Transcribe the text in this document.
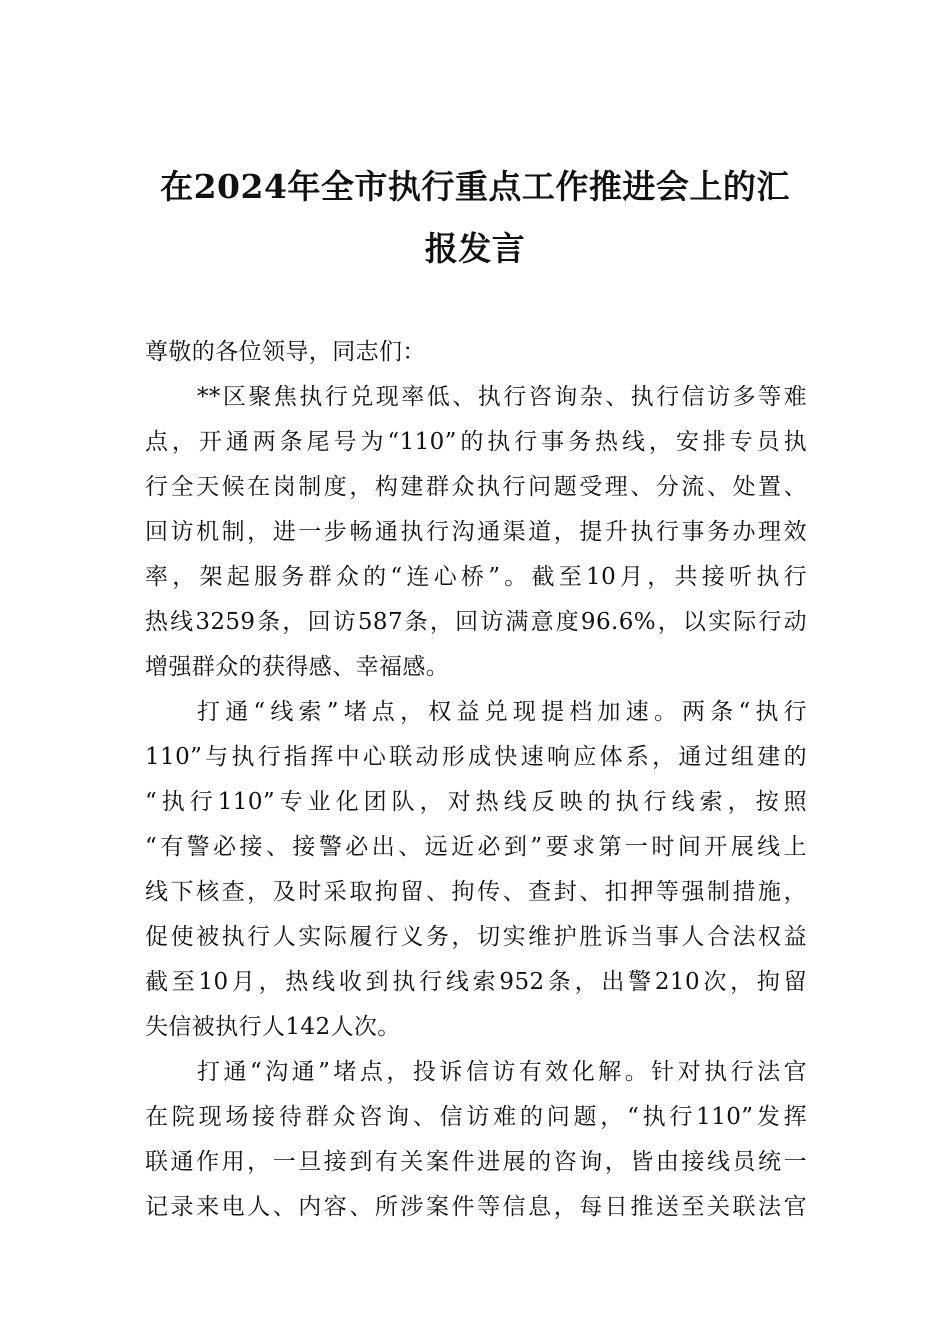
在2024年全市执行重点工作推进会上的汇
报发言
尊敬的各位领导，同志们：
**区聚焦执行兑现率低、执行咨询杂、执行信访多等难
点，开通两条尾号为“110”的执行事务热线，安排专员执
行全天候在岗制度，构建群众执行问题受理、分流、处置、
回访机制，进一步畅通执行沟通渠道，提升执行事务办理效
率，架起服务群众的“连心桥”。截至10月，共接听执行
热线3259条，回访587条，回访满意度96.6%，以实际行动
增强群众的获得感、幸福感。
打通“线索”堵点，权益兑现提档加速。两条“执行
110”与执行指挥中心联动形成快速响应体系，通过组建的
“执行110”专业化团队，对热线反映的执行线索，按照
“有警必接、接警必出、远近必到”要求第一时间开展线上
线下核查，及时采取拘留、拘传、查封、扣押等强制措施，
促使被执行人实际履行义务，切实维护胜诉当事人合法权益
截至10月，热线收到执行线索952条，出警210次，拘留
失信被执行人142人次。
打通“沟通”堵点，投诉信访有效化解。针对执行法官
在院现场接待群众咨询、信访难的问题，“执行110”发挥
联通作用，一旦接到有关案件进展的咨询，皆由接线员统一
记录来电人、内容、所涉案件等信息，每日推送至关联法官
